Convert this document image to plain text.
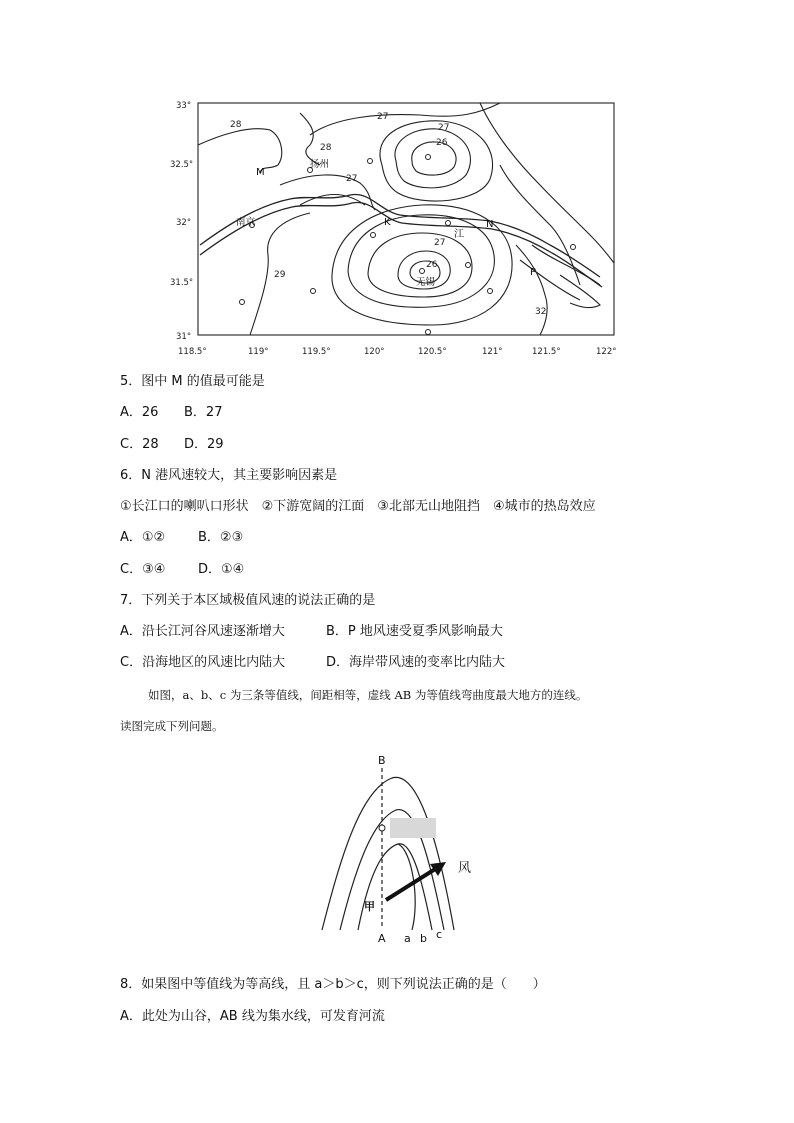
33°
32.5°
32°
31.5°
31°
118.5°	119°	119.5°	120°	120.5°	121°	121.5°	122°
28
28
27
27
27
26
27
26
29
32
扬州
南京
无锡
M
K	N
P
江
5．图中 M 的值最可能是
A．26 B．27
C．28 D．29
6．N 港风速较大，其主要影响因素是
①长江口的喇叭口形状　②下游宽阔的江面　③北部无山地阻挡　④城市的热岛效应
A．①②	B．②③
C．③④	D．①④
7．下列关于本区域极值风速的说法正确的是
A．沿长江河谷风速逐渐增大	B．P 地风速受夏季风影响最大
C．沿海地区的风速比内陆大	D．海岸带风速的变率比内陆大
如图，a、b、c 为三条等值线，间距相等，虚线 AB 为等值线弯曲度最大地方的连线。
读图完成下列问题。
B
A
甲
风
a b c
8．如果图中等值线为等高线，且 a＞b＞c，则下列说法正确的是（　　）
A．此处为山谷，AB 线为集水线，可发育河流
